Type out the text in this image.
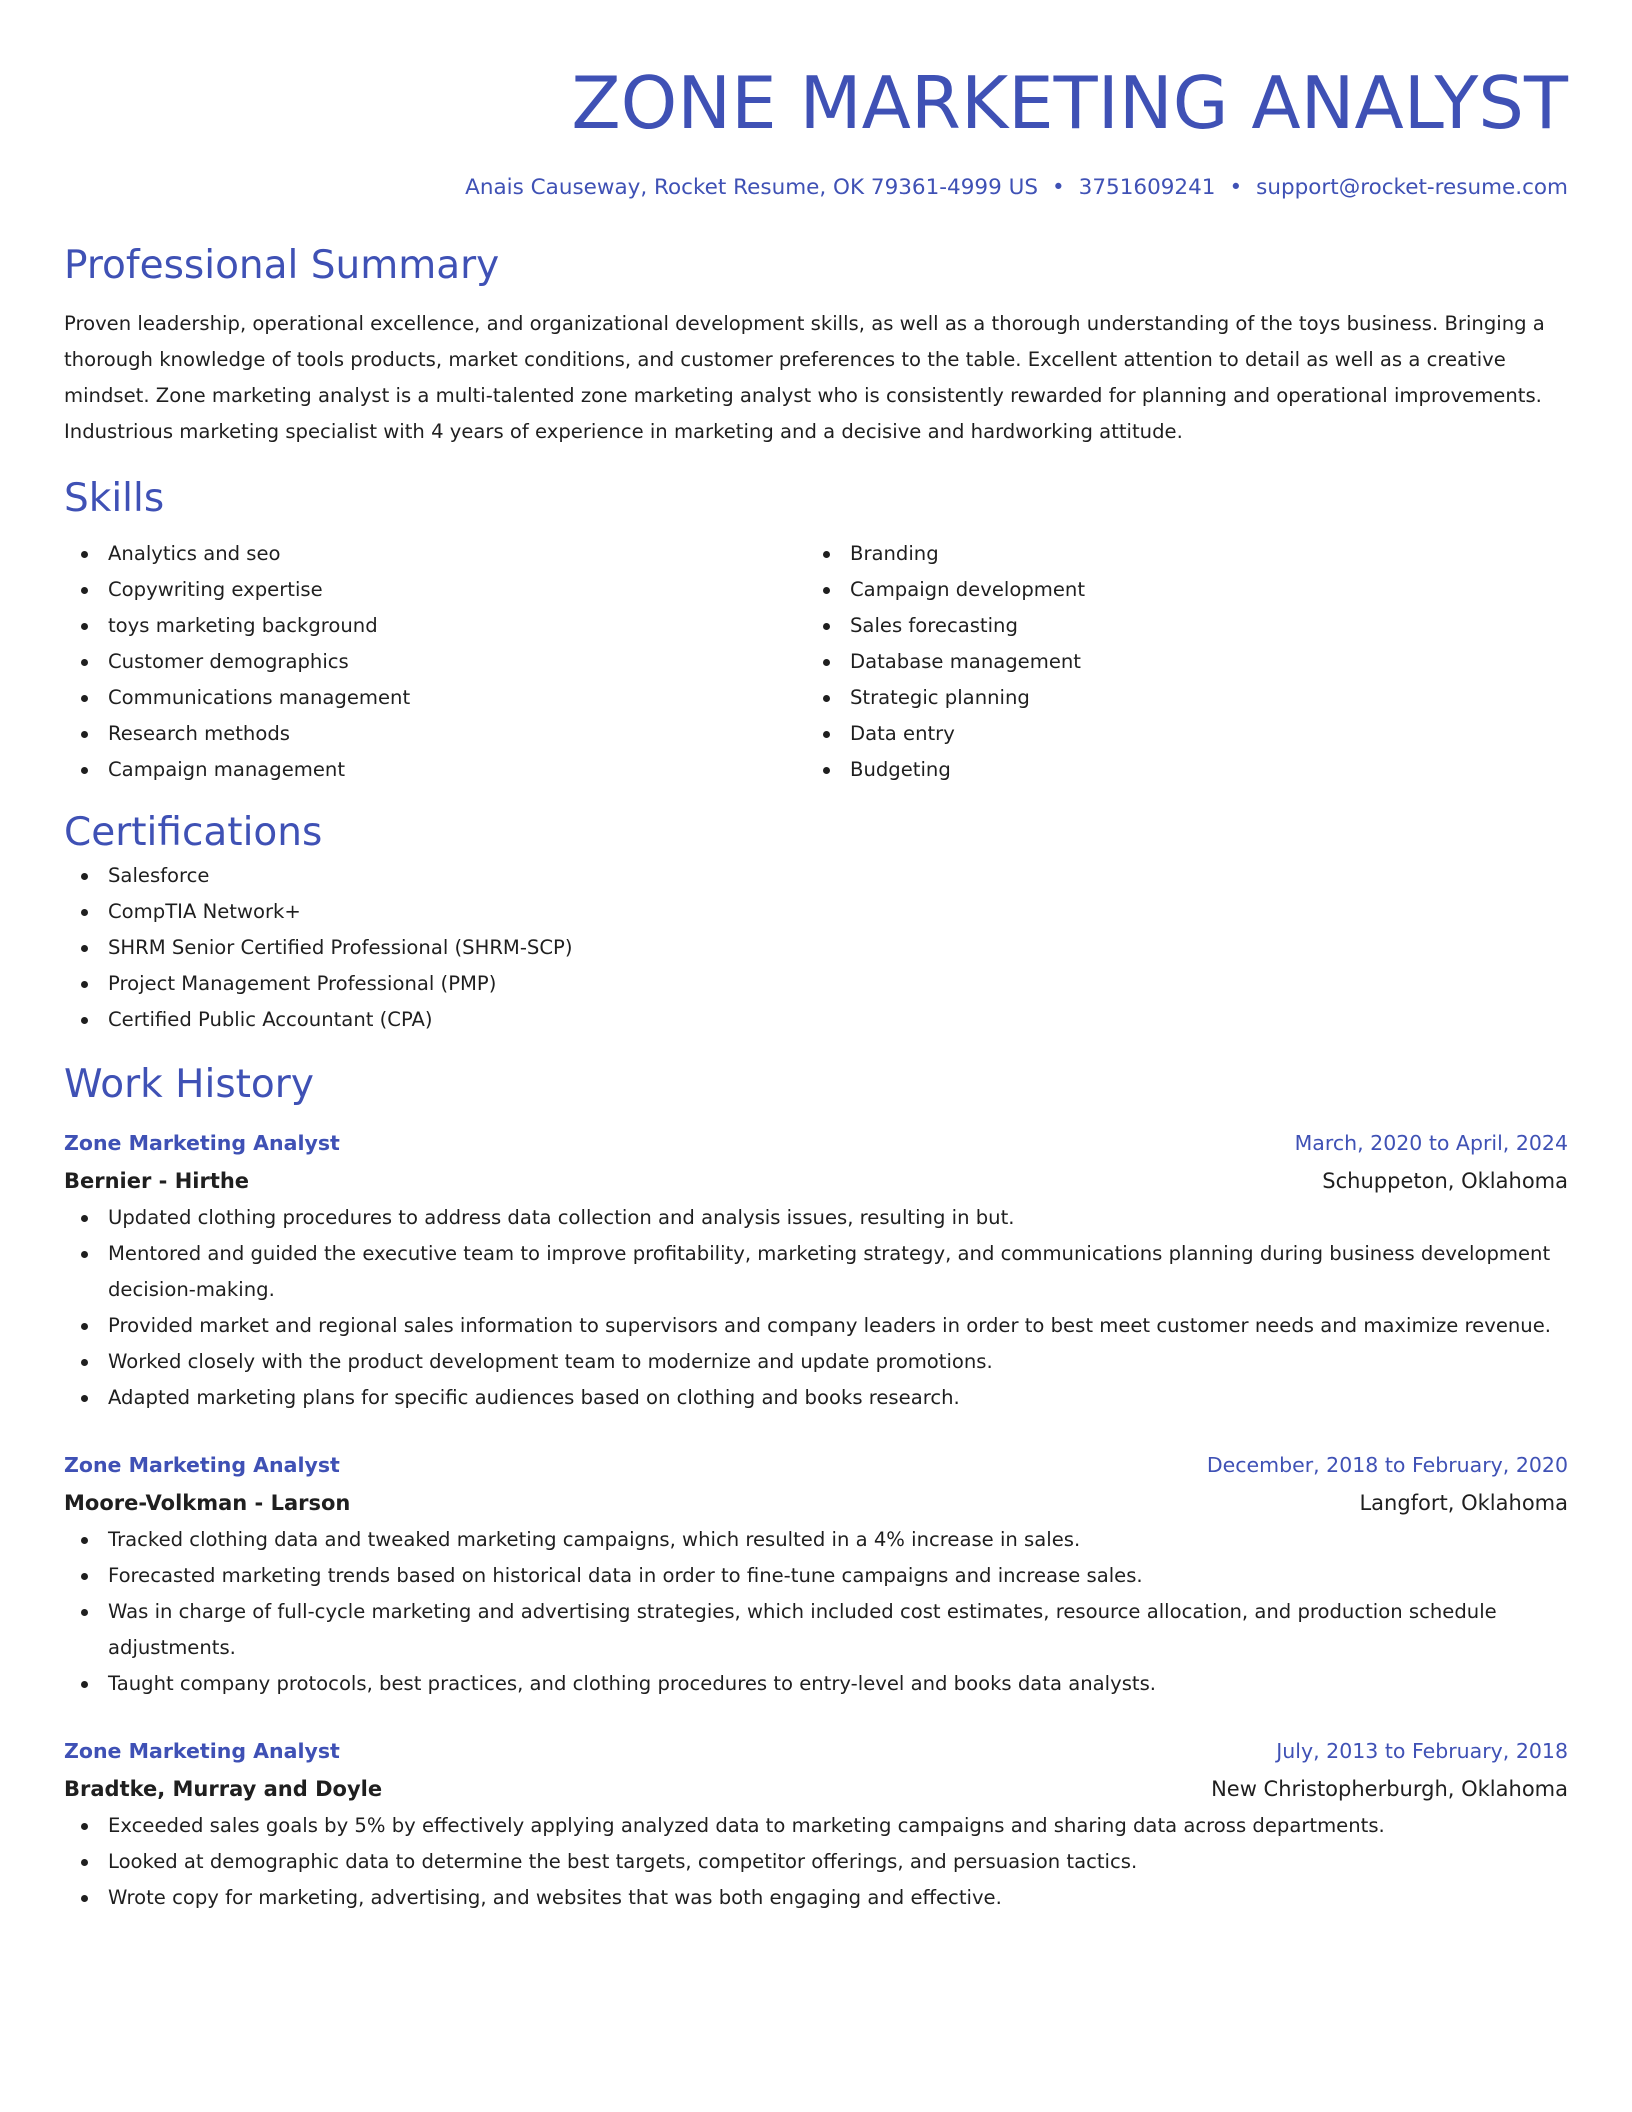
ZONE MARKETING ANALYST
Anais Causeway, Rocket Resume, OK 79361-4999 US • 3751609241 • support@rocket-resume.com
Professional Summary

Proven leadership, operational excellence, and organizational development skills, as well as a thorough understanding of the toys business. Bringing a thorough knowledge of tools products, market conditions, and customer preferences to the table. Excellent attention to detail as well as a creative mindset. Zone marketing analyst is a multi-talented zone marketing analyst who is consistently rewarded for planning and operational improvements. Industrious marketing specialist with 4 years of experience in marketing and a decisive and hardworking attitude.

Skills
Analytics and seo
Copywriting expertise
toys marketing background
Customer demographics
Communications management
Research methods
Campaign management
Branding
Campaign development
Sales forecasting
Database management
Strategic planning
Data entry
Budgeting
Certifications
Salesforce
CompTIA Network+
SHRM Senior Certified Professional (SHRM-SCP)
Project Management Professional (PMP)
Certified Public Accountant (CPA)
Work History
Zone Marketing Analyst	March, 2020 to April, 2024
Bernier - Hirthe	Schuppeton, Oklahoma
Updated clothing procedures to address data collection and analysis issues, resulting in but.
Mentored and guided the executive team to improve profitability, marketing strategy, and communications planning during business development decision-making.
Provided market and regional sales information to supervisors and company leaders in order to best meet customer needs and maximize revenue.
Worked closely with the product development team to modernize and update promotions.
Adapted marketing plans for specific audiences based on clothing and books research.
Zone Marketing Analyst	December, 2018 to February, 2020
Moore-Volkman - Larson	Langfort, Oklahoma
Tracked clothing data and tweaked marketing campaigns, which resulted in a 4% increase in sales.
Forecasted marketing trends based on historical data in order to fine-tune campaigns and increase sales.
Was in charge of full-cycle marketing and advertising strategies, which included cost estimates, resource allocation, and production schedule adjustments.
Taught company protocols, best practices, and clothing procedures to entry-level and books data analysts.
Zone Marketing Analyst	July, 2013 to February, 2018
Bradtke, Murray and Doyle	New Christopherburgh, Oklahoma
Exceeded sales goals by 5% by effectively applying analyzed data to marketing campaigns and sharing data across departments.
Looked at demographic data to determine the best targets, competitor offerings, and persuasion tactics.
Wrote copy for marketing, advertising, and websites that was both engaging and effective.
